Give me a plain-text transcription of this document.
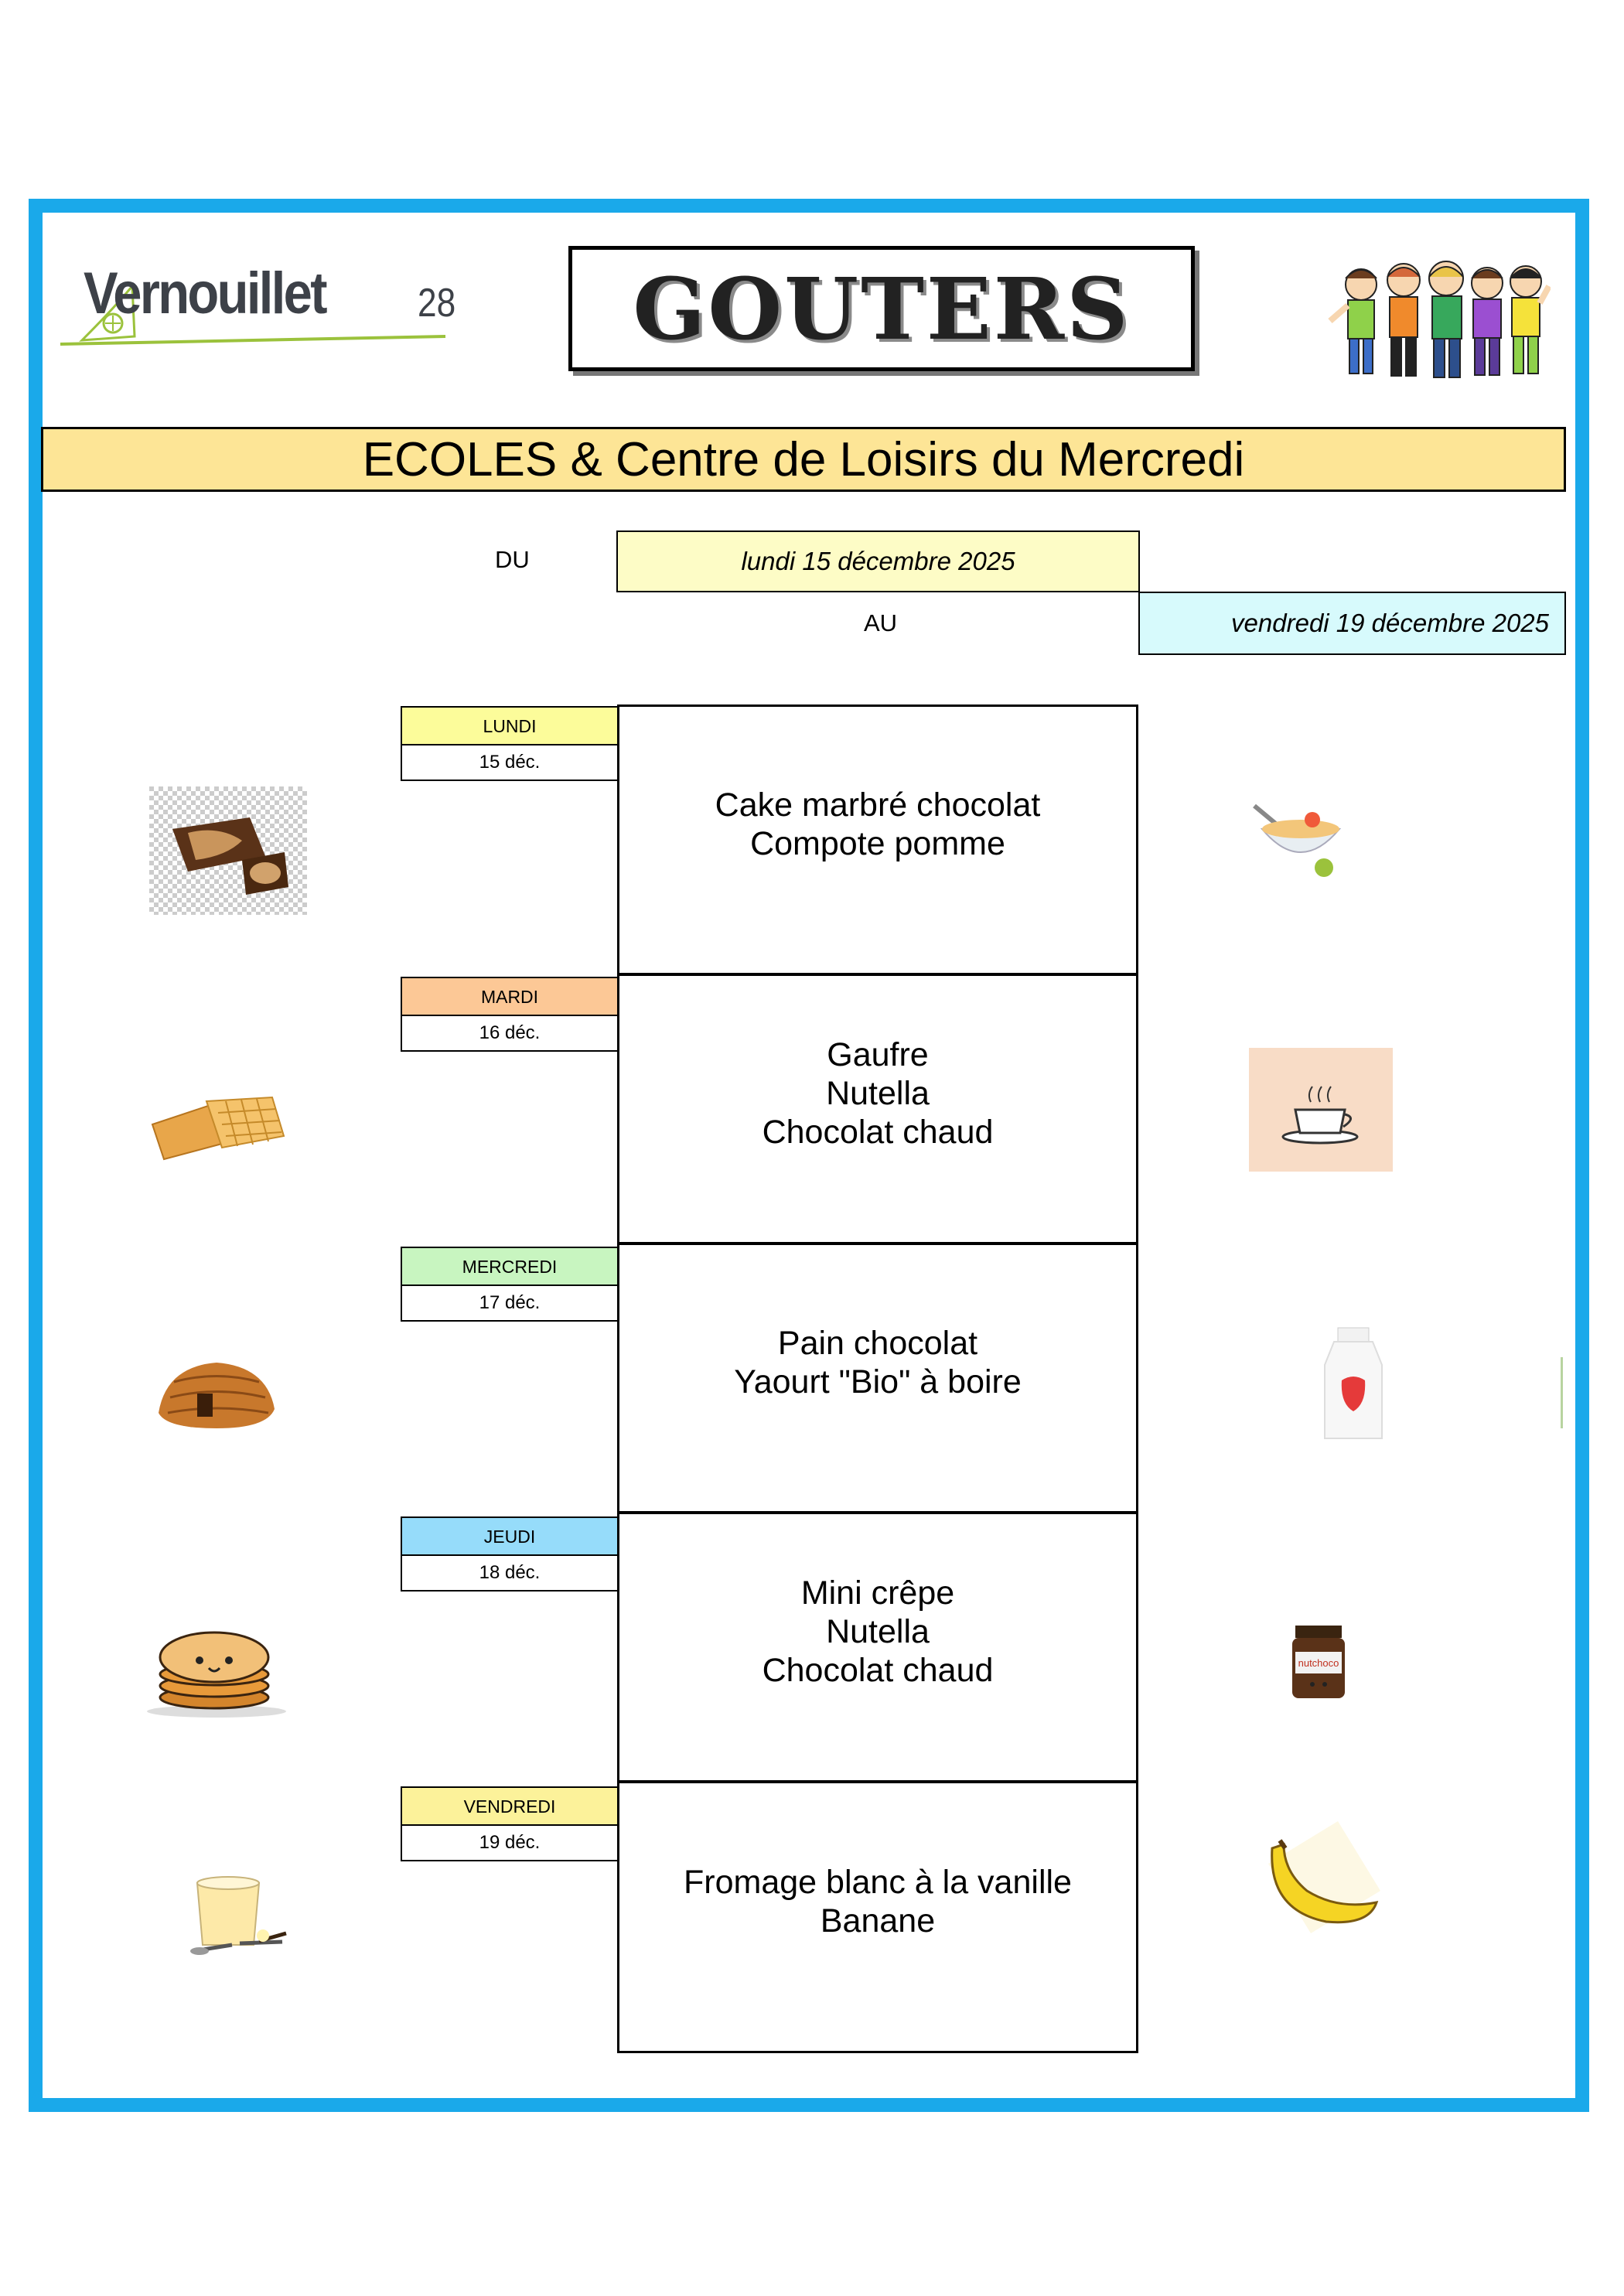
Vernouillet 28 GOUTERS
ECOLES & Centre de Loisirs du Mercredi
DU	lundi 15 décembre 2025
AU	vendredi 19 décembre 2025
LUNDI
15 déc.
Cake marbré chocolat
Compote pomme
MARDI
16 déc.
Gaufre
Nutella
Chocolat chaud
MERCREDI
17 déc.
Pain chocolat
Yaourt "Bio" à boire
JEUDI
18 déc.
Mini crêpe
Nutella
Chocolat chaud
VENDREDI
19 déc.
Fromage blanc à la vanille
Banane
nutchoco
